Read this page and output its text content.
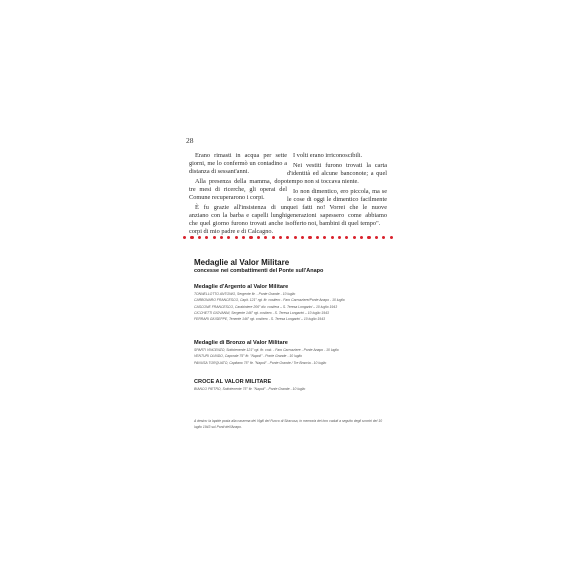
28

Erano rimasti in acqua per sette giorni, me lo confermò un contadino a distanza di sessant'anni.

Alla presenza della mamma, dopo tre mesi di ricerche, gli operai del Comune recuperarono i corpi.

È fu grazie all'insistenza di un anziano con la barba e capelli lunghi che quel giorno furono trovati anche i corpi di mio padre e di Calcagno.

I volti erano irriconoscibili.

Nei vestiti furono trovati la carta d'identità ed alcune banconote; a quel tempo non si toccava niente.

Io non dimentico, ero piccola, ma se le cose di oggi le dimentico facilmente quei fatti no! Vorrei che le nuove generazioni sapessero come abbiamo sofferto noi, bambini di quel tempo".

Medaglie al Valor Militare
concesse nei combattimenti del Ponte sull'Anapo
Medaglie d'Argento al Valor Militare
TONNELLOTTO ANTONIO, Sergente ftr. - Ponte Grande - 10 luglio
CARBONARO FRANCESCO, Capit. 121° rgt. ftr. costiero - Faro Carrozziere/Ponte Anapo - 10 luglio
CASCONE FRANCESCO, Carabiniere 206° div. costiera – S. Teresa Longarini – 10 luglio 1943
CICCHETTI GIOVANNI, Sergente 146° rgt. costiero - S. Teresa Longarini – 10 luglio 1943
FERRARI GIUSEPPE, Tenente 146° rgt. costiero - S. Teresa Longarini – 10 luglio 1943
Medaglie di Bronzo al Valor Militare
SPARTI VINCENZO, Sottotenente 121° rgt. ftr. cost. - Faro Carrozziere - Ponte Anapo - 10 luglio
VENTURI OLINDO, Caporale 75° ftr. "Napoli" - Ponte Grande - 10 luglio
PANUSA TORQUATO, Capitano 75° ftr. "Napoli" - Ponte Grande / Tre Braccia - 10 luglio
CROCE AL VALOR MILITARE
BIANCO PIETRO, Sottotenente 75° ftr. "Napoli" - Ponte Grande - 10 luglio
A destra: la lapide posta alla caserma dei Vigili del Fuoco di Siracusa, in memoria dei loro caduti a seguito degli scontri del 10 luglio 1943 sul Ponti dell'Anapo.
